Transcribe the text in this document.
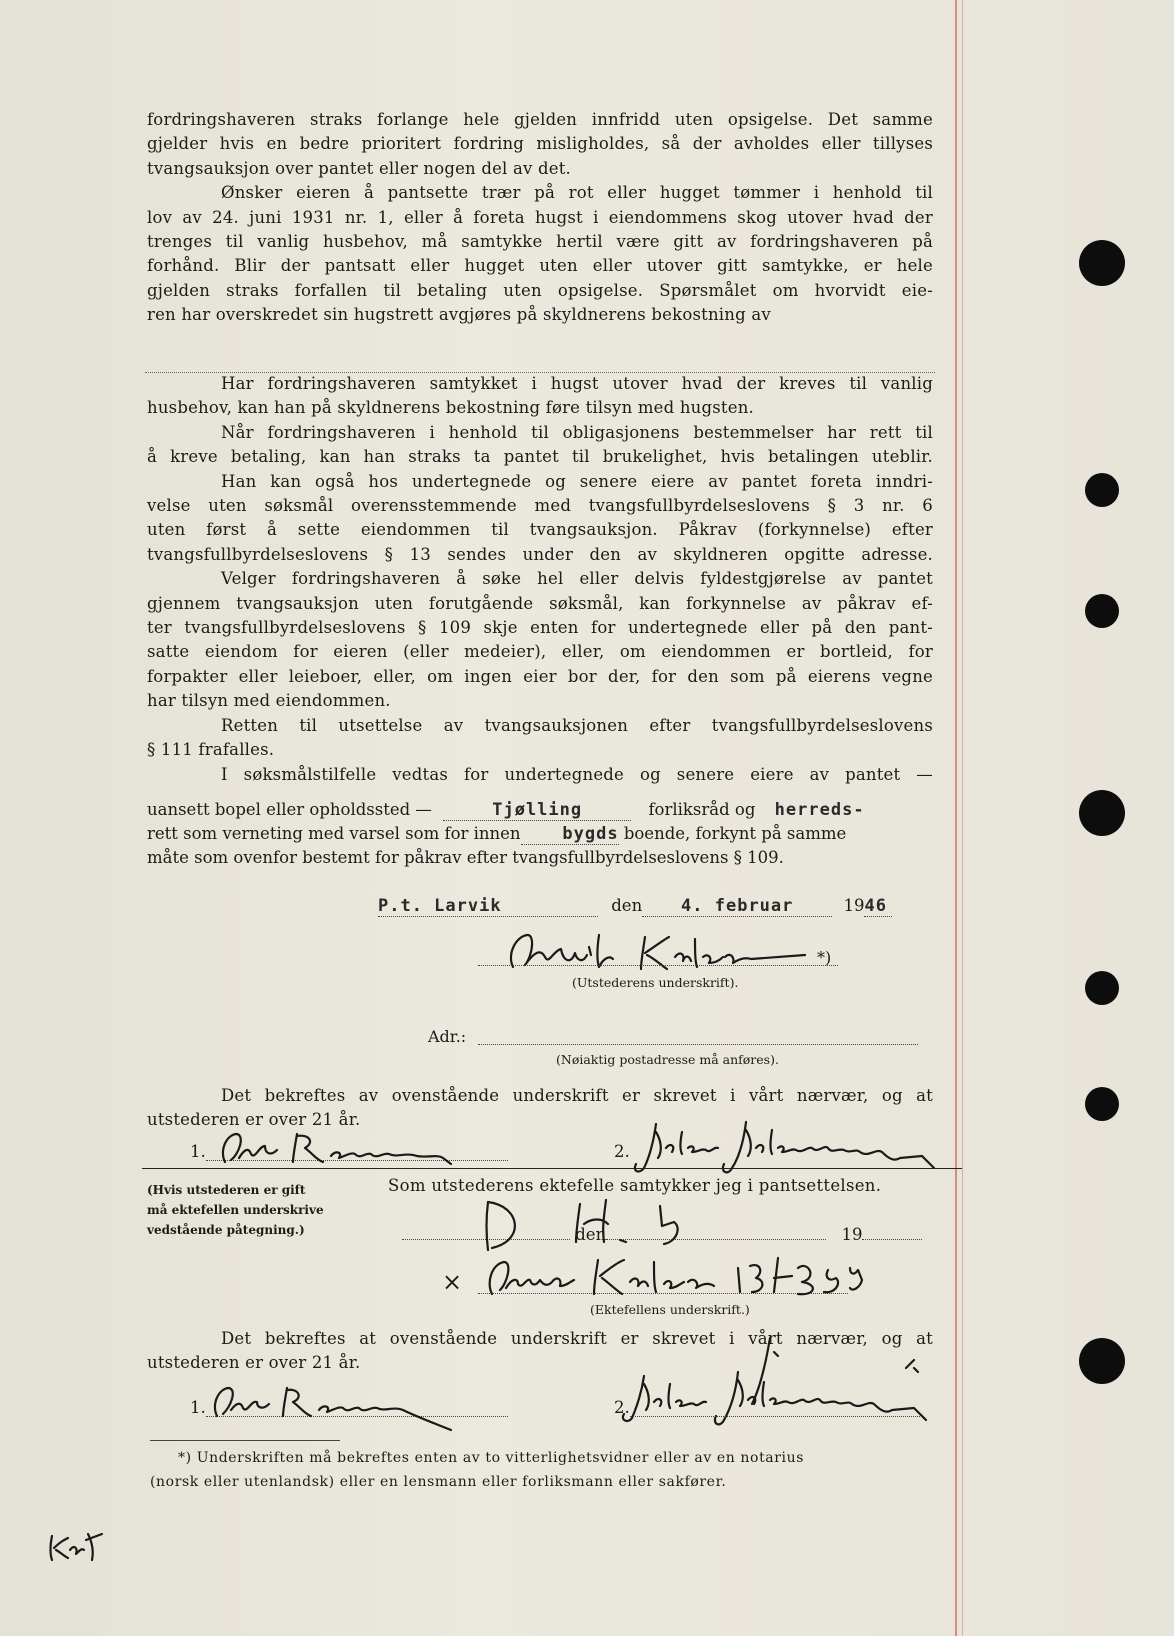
fordringshaveren straks forlange hele gjelden innfridd uten opsigelse. Det samme

gjelder hvis en bedre prioritert fordring misligholdes, så der avholdes eller tillyses

tvangsauksjon over pantet eller nogen del av det.

Ønsker eieren å pantsette trær på rot eller hugget tømmer i henhold til

lov av 24. juni 1931 nr. 1, eller å foreta hugst i eiendommens skog utover hvad der

trenges til vanlig husbehov, må samtykke hertil være gitt av fordringshaveren på

forhånd. Blir der pantsatt eller hugget uten eller utover gitt samtykke, er hele

gjelden straks forfallen til betaling uten opsigelse. Spørsmålet om hvorvidt eie-

ren har overskredet sin hugstrett avgjøres på skyldnerens bekostning av

Har fordringshaveren samtykket i hugst utover hvad der kreves til vanlig

husbehov, kan han på skyldnerens bekostning føre tilsyn med hugsten.

Når fordringshaveren i henhold til obligasjonens bestemmelser har rett til

å kreve betaling, kan han straks ta pantet til brukelighet, hvis betalingen uteblir.

Han kan også hos undertegnede og senere eiere av pantet foreta inndri-

velse uten søksmål overensstemmende med tvangsfullbyrdelseslovens § 3 nr. 6

uten først å sette eiendommen til tvangsauksjon. Påkrav (forkynnelse) efter

tvangsfullbyrdelseslovens § 13 sendes under den av skyldneren opgitte adresse.

Velger fordringshaveren å søke hel eller delvis fyldestgjørelse av pantet

gjennem tvangsauksjon uten forutgående søksmål, kan forkynnelse av påkrav ef-

ter tvangsfullbyrdelseslovens § 109 skje enten for undertegnede eller på den pant-

satte eiendom for eieren (eller medeier), eller, om eiendommen er bortleid, for

forpakter eller leieboer, eller, om ingen eier bor der, for den som på eierens vegne

har tilsyn med eiendommen.

Retten til utsettelse av tvangsauksjonen efter tvangsfullbyrdelseslovens

§ 111 frafalles.

I søksmålstilfelle vedtas for undertegnede og senere eiere av pantet —

uansett bopel eller opholdssted —	Tjølling	forliksråd og herreds-
rett som verneting med varsel som for innen bygds boende, forkynt på samme
måte som ovenfor bestemt for påkrav efter tvangsfullbyrdelseslovens § 109.
P.t. Larvik	den 4. februar	1946
*)
(Utstederens underskrift).
Adr.:
(Nøiaktig postadresse må anføres).

Det bekreftes av ovenstående underskrift er skrevet i vårt nærvær, og at

utstederen er over 21 år.

1.	2.
(Hvis utstederen er gift
må ektefellen underskrive
vedstående påtegning.)
Som utstederens ektefelle samtykker jeg i pantsettelsen.
den	19
×
(Ektefellens underskrift.)

Det bekreftes at ovenstående underskrift er skrevet i vårt nærvær, og at

utstederen er over 21 år.

1.	2.
*) Underskriften må bekreftes enten av to vitterlighetsvidner eller av en notarius
(norsk eller utenlandsk) eller en lensmann eller forliksmann eller sakfører.
